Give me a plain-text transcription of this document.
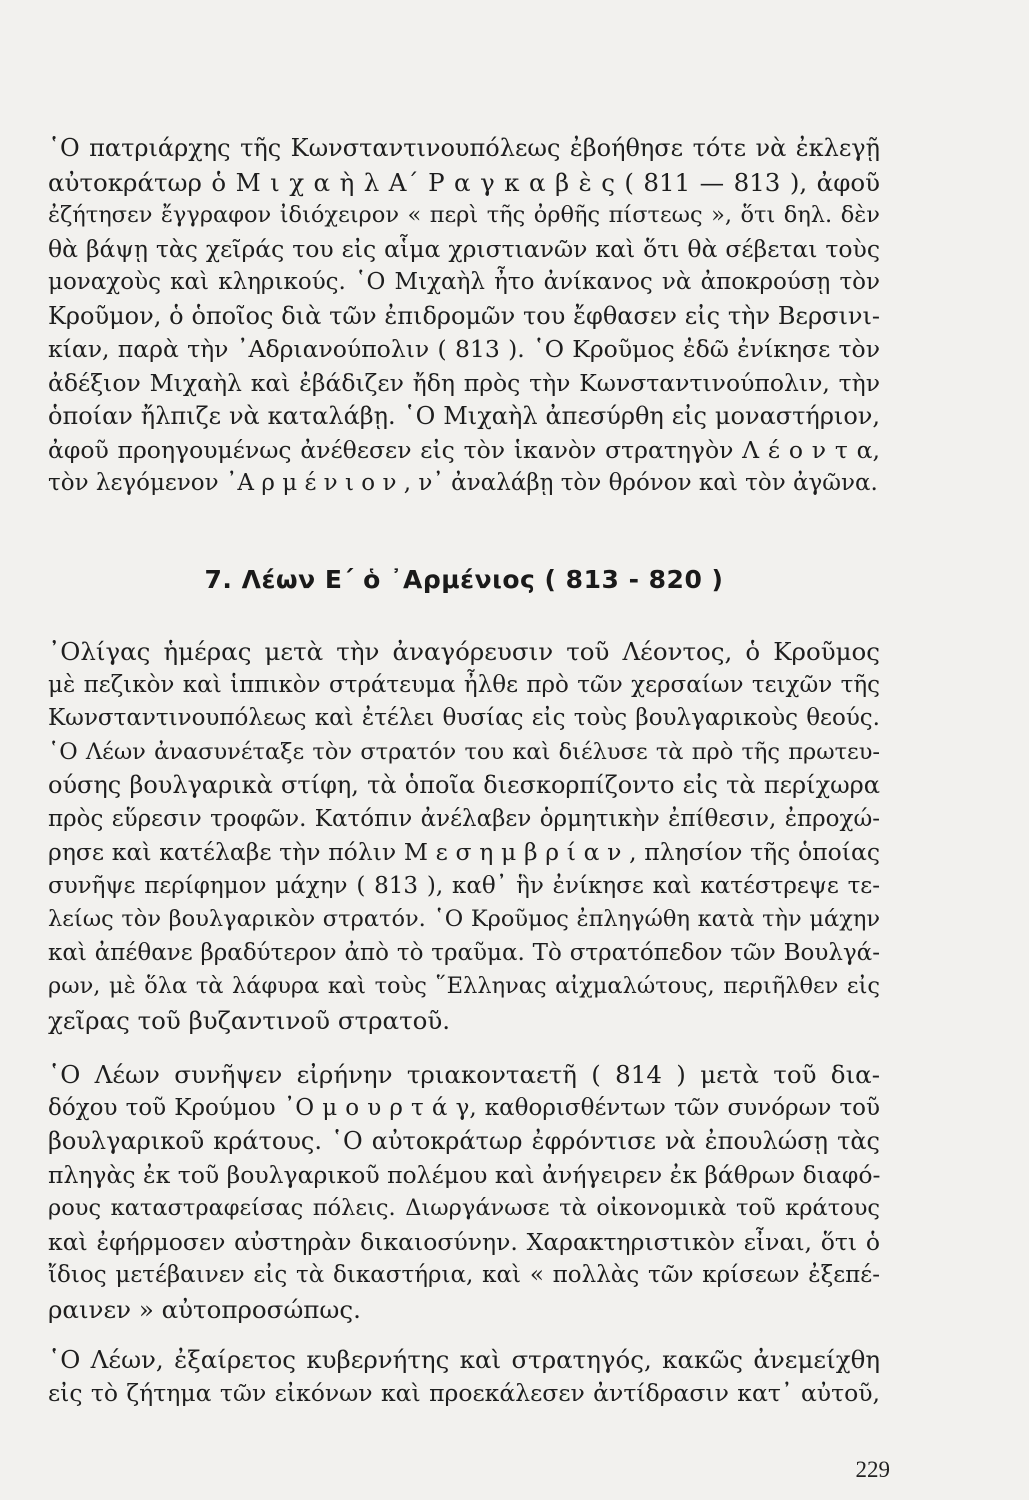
῾Ο πατριάρχης τῆς Κωνσταντινουπόλεως ἐβοήθησε τότε νὰ ἐκλεγῇ
αὐτοκράτωρ ὁ Μ ι χ α ὴ λ Α΄ Ρ α γ κ α β ὲ ς ( 811 — 813 ), ἀφοῦ
ἐζήτησεν ἔγγραφον ἰδιόχειρον « περὶ τῆς ὀρθῆς πίστεως », ὅτι δηλ. δὲν
θὰ βάψῃ τὰς χεῖράς του εἰς αἷμα χριστιανῶν καὶ ὅτι θὰ σέβεται τοὺς
μοναχοὺς καὶ κληρικούς. ῾Ο Μιχαὴλ ἦτο ἀνίκανος νὰ ἀποκρούσῃ τὸν
Κροῦμον, ὁ ὁποῖος διὰ τῶν ἐπιδρομῶν του ἔφθασεν εἰς τὴν Βερσινι-
κίαν, παρὰ τὴν ᾿Αδριανούπολιν ( 813 ). ῾Ο Κροῦμος ἐδῶ ἐνίκησε τὸν
ἀδέξιον Μιχαὴλ καὶ ἐβάδιζεν ἤδη πρὸς τὴν Κωνσταντινούπολιν, τὴν
ὁποίαν ἤλπιζε νὰ καταλάβῃ. ῾Ο Μιχαὴλ ἀπεσύρθη εἰς μοναστήριον,
ἀφοῦ προηγουμένως ἀνέθεσεν εἰς τὸν ἱκανὸν στρατηγὸν Λ έ ο ν τ α,
τὸν λεγόμενον ᾿Α ρ μ έ ν ι ο ν , ν᾿ ἀναλάβῃ τὸν θρόνον καὶ τὸν ἀγῶνα.
7. Λέων Ε΄ ὁ ᾿Αρμένιος ( 813 - 820 )
᾿Ολίγας ἡμέρας μετὰ τὴν ἀναγόρευσιν τοῦ Λέοντος, ὁ Κροῦμος
μὲ πεζικὸν καὶ ἱππικὸν στράτευμα ἦλθε πρὸ τῶν χερσαίων τειχῶν τῆς
Κωνσταντινουπόλεως καὶ ἐτέλει θυσίας εἰς τοὺς βουλγαρικοὺς θεούς.
῾Ο Λέων ἀνασυνέταξε τὸν στρατόν του καὶ διέλυσε τὰ πρὸ τῆς πρωτευ-
ούσης βουλγαρικὰ στίφη, τὰ ὁποῖα διεσκορπίζοντο εἰς τὰ περίχωρα
πρὸς εὕρεσιν τροφῶν. Κατόπιν ἀνέλαβεν ὁρμητικὴν ἐπίθεσιν, ἐπροχώ-
ρησε καὶ κατέλαβε τὴν πόλιν Μ ε σ η μ β ρ ί α ν , πλησίον τῆς ὁποίας
συνῆψε περίφημον μάχην ( 813 ), καθ᾿ ἣν ἐνίκησε καὶ κατέστρεψε τε-
λείως τὸν βουλγαρικὸν στρατόν. ῾Ο Κροῦμος ἐπληγώθη κατὰ τὴν μάχην
καὶ ἀπέθανε βραδύτερον ἀπὸ τὸ τραῦμα. Τὸ στρατόπεδον τῶν Βουλγά-
ρων, μὲ ὅλα τὰ λάφυρα καὶ τοὺς ῞Ελληνας αἰχμαλώτους, περιῆλθεν εἰς
χεῖρας τοῦ βυζαντινοῦ στρατοῦ.
῾Ο Λέων συνῆψεν εἰρήνην τριακονταετῆ ( 814 ) μετὰ τοῦ δια-
δόχου τοῦ Κρούμου ᾿Ο μ ο υ ρ τ ά γ, καθορισθέντων τῶν συνόρων τοῦ
βουλγαρικοῦ κράτους. ῾Ο αὐτοκράτωρ ἐφρόντισε νὰ ἐπουλώσῃ τὰς
πληγὰς ἐκ τοῦ βουλγαρικοῦ πολέμου καὶ ἀνήγειρεν ἐκ βάθρων διαφό-
ρους καταστραφείσας πόλεις. Διωργάνωσε τὰ οἰκονομικὰ τοῦ κράτους
καὶ ἐφήρμοσεν αὐστηρὰν δικαιοσύνην. Χαρακτηριστικὸν εἶναι, ὅτι ὁ
ἴδιος μετέβαινεν εἰς τὰ δικαστήρια, καὶ « πολλὰς τῶν κρίσεων ἐξεπέ-
ραινεν » αὐτοπροσώπως.
῾Ο Λέων, ἐξαίρετος κυβερνήτης καὶ στρατηγός, κακῶς ἀνεμείχθη
εἰς τὸ ζήτημα τῶν εἰκόνων καὶ προεκάλεσεν ἀντίδρασιν κατ᾿ αὐτοῦ,
229
